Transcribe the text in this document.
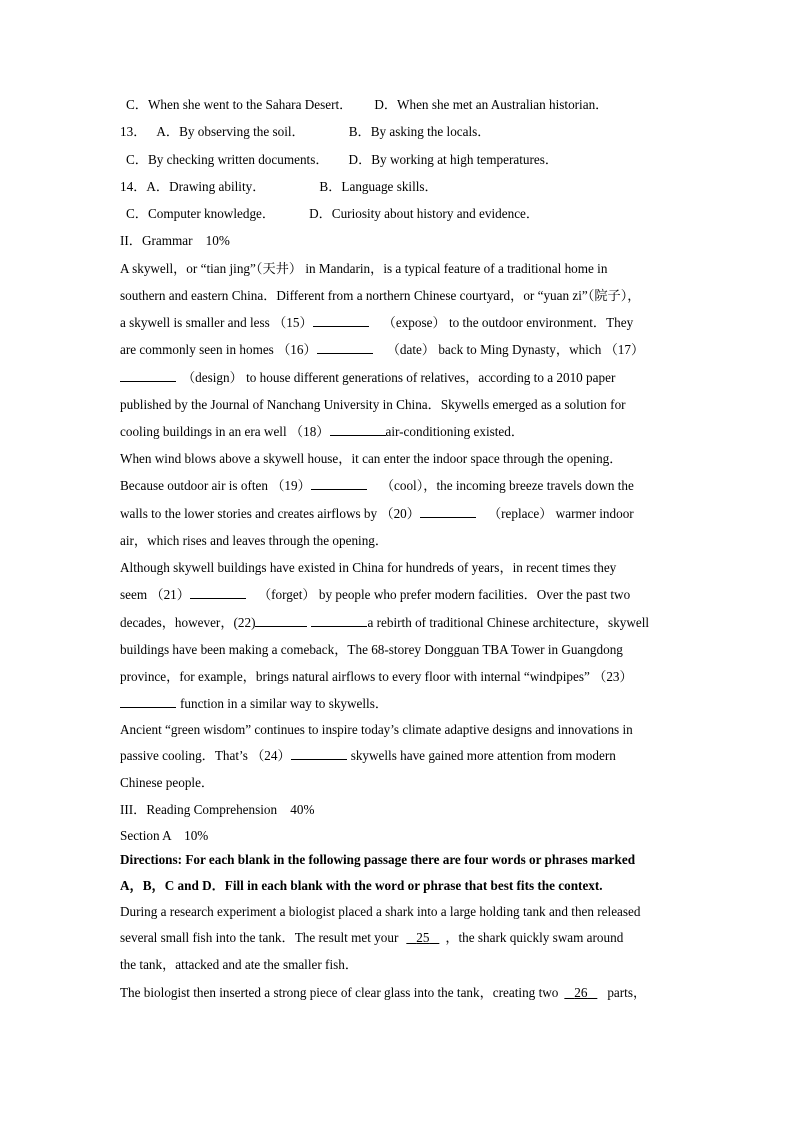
C．When she went to the Sahara Desert． D．When she met an Australian historian．
13． A．By observing the soil．	B．By asking the locals．
C．By checking written documents． D．By working at high temperatures．
14．A．Drawing ability．	B．Language skills．
C．Computer knowledge．	D．Curiosity about history and evidence．
II．Grammar　10%
A skywell，or “tian jing”（天井） in Mandarin，is a typical feature of a traditional home in
southern and eastern China．Different from a northern Chinese courtyard，or “yuan zi”（院子），
a skywell is smaller and less （15）	（expose） to the outdoor environment．They
are commonly seen in homes （16）	（date） back to Ming Dynasty，which （17）
（design） to house different generations of relatives，according to a 2010 paper
published by the Journal of Nanchang University in China．Skywells emerged as a solution for
cooling buildings in an era well （18）	air-conditioning existed．
When wind blows above a skywell house，it can enter the indoor space through the opening．
Because outdoor air is often （19）	（cool），the incoming breeze travels down the
walls to the lower stories and creates airflows by （20）	（replace） warmer indoor
air，which rises and leaves through the opening．
Although skywell buildings have existed in China for hundreds of years，in recent times they
seem （21）	（forget） by people who prefer modern facilities．Over the past two
decades，however，(22)	a rebirth of traditional Chinese architecture，skywell
buildings have been making a comeback，The 68-storey Dongguan TBA Tower in Guangdong
province，for example，brings natural airflows to every floor with internal “windpipes” （23）
function in a similar way to skywells．
Ancient “green wisdom” continues to inspire today’s climate adaptive designs and innovations in
passive cooling．That’s （24）	skywells have gained more attention from modern
Chinese people．
III．Reading Comprehension　40%
Section A　10%
Directions: For each blank in the following passage there are four words or phrases marked
A，B，C and D．Fill in each blank with the word or phrase that best fits the context.
During a research experiment a biologist placed a shark into a large holding tank and then released
several small fish into the tank．The result met your 25 ，the shark quickly swam around
the tank，attacked and ate the smaller fish．
The biologist then inserted a strong piece of clear glass into the tank，creating two 26 parts，
